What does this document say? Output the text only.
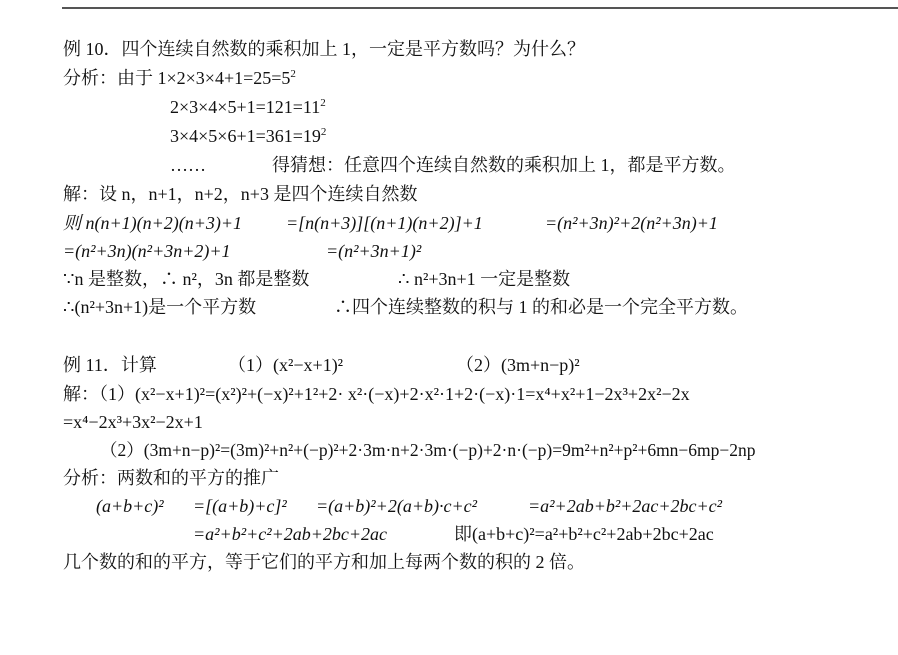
例 10．四个连续自然数的乘积加上 1，一定是平方数吗？为什么？
分析：由于 $1\times 2\times 3\times 4+1=25=5^2$
$2\times 3\times 4\times 5+1=121=11^2$
$3\times 4\times 5\times 6+1=361=19^2$
……	得猜想：任意四个连续自然数的乘积加上 1，都是平方数。
解：设 n，n+1，n+2，n+3 是四个连续自然数
则 n(n+1)(n+2)(n+3)+1 =[n(n+3)][(n+1)(n+2)]+1	=(n²+3n)²+2(n²+3n)+1
=(n²+3n)(n²+3n+2)+1	=(n²+3n+1)²
∵n 是整数，∴ n²，3n 都是整数	∴ n²+3n+1 一定是整数
∴(n²+3n+1)是一个平方数	∴四个连续整数的积与 1 的和必是一个完全平方数。
例 11．计算	（1）(x²−x+1)²	（2）(3m+n−p)²
解：（1）(x²−x+1)²=(x²)²+(−x)²+1²+2· x²·(−x)+2·x²·1+2·(−x)·1=x⁴+x²+1−2x³+2x²−2x
=x⁴−2x³+3x²−2x+1
（2）(3m+n−p)²=(3m)²+n²+(−p)²+2·3m·n+2·3m·(−p)+2·n·(−p)=9m²+n²+p²+6mn−6mp−2np
分析：两数和的平方的推广
(a+b+c)² =[(a+b)+c]² =(a+b)²+2(a+b)·c+c²	=a²+2ab+b²+2ac+2bc+c²
=a²+b²+c²+2ab+2bc+2ac	即(a+b+c)²=a²+b²+c²+2ab+2bc+2ac
几个数的和的平方，等于它们的平方和加上每两个数的积的 2 倍。
